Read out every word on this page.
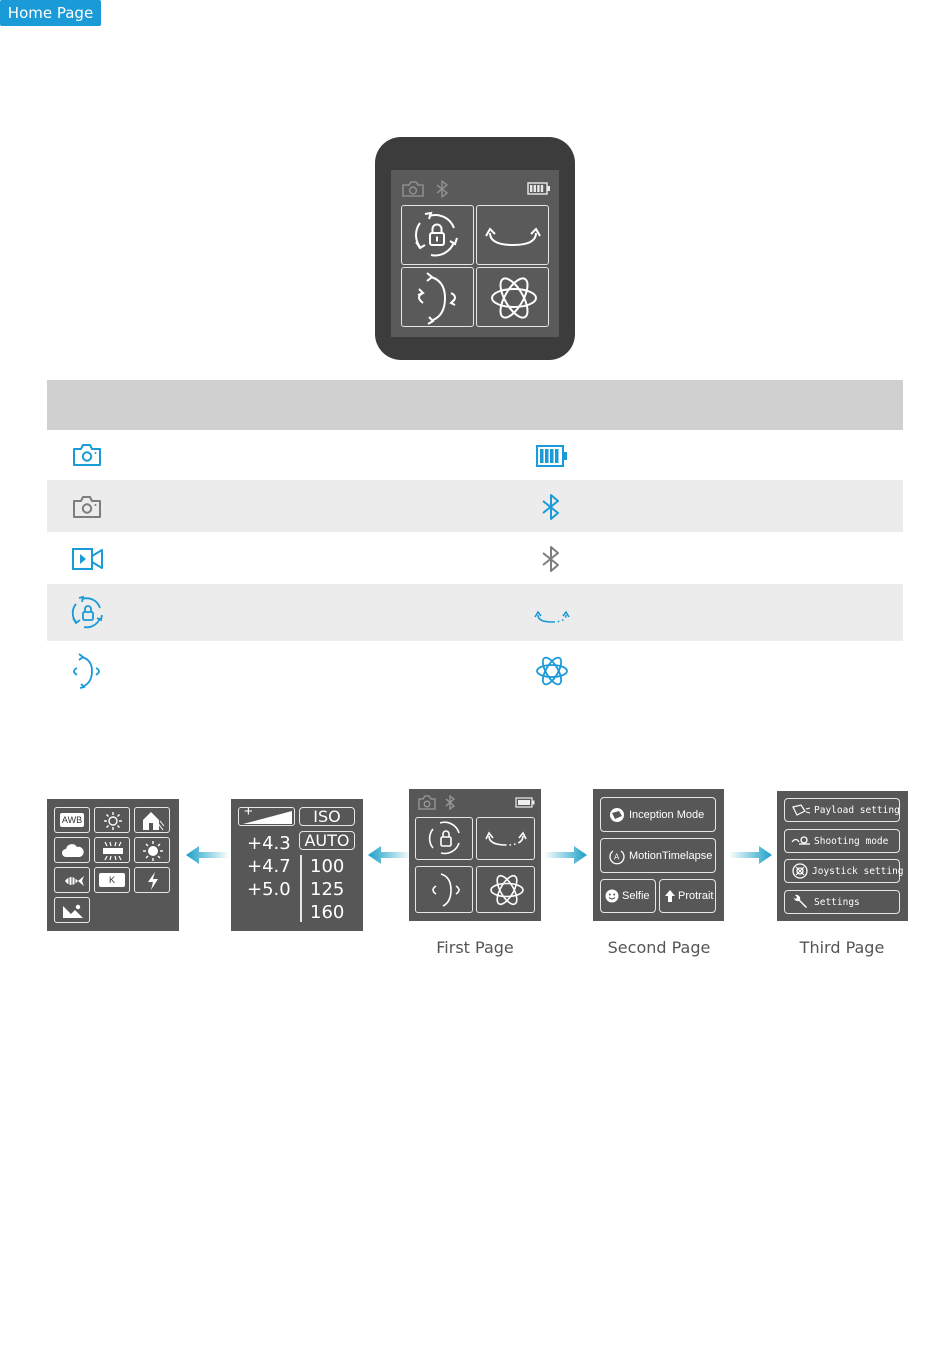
Home Page
AWB
K
+ –	ISO
AUTO
+4.3
+4.7
+5.0
100
125
160
Inception Mode
A MotionTimelapse
Selfie	Protrait
Payload setting
Shooting mode
Joystick setting
Settings
First Page	Second Page	Third Page
